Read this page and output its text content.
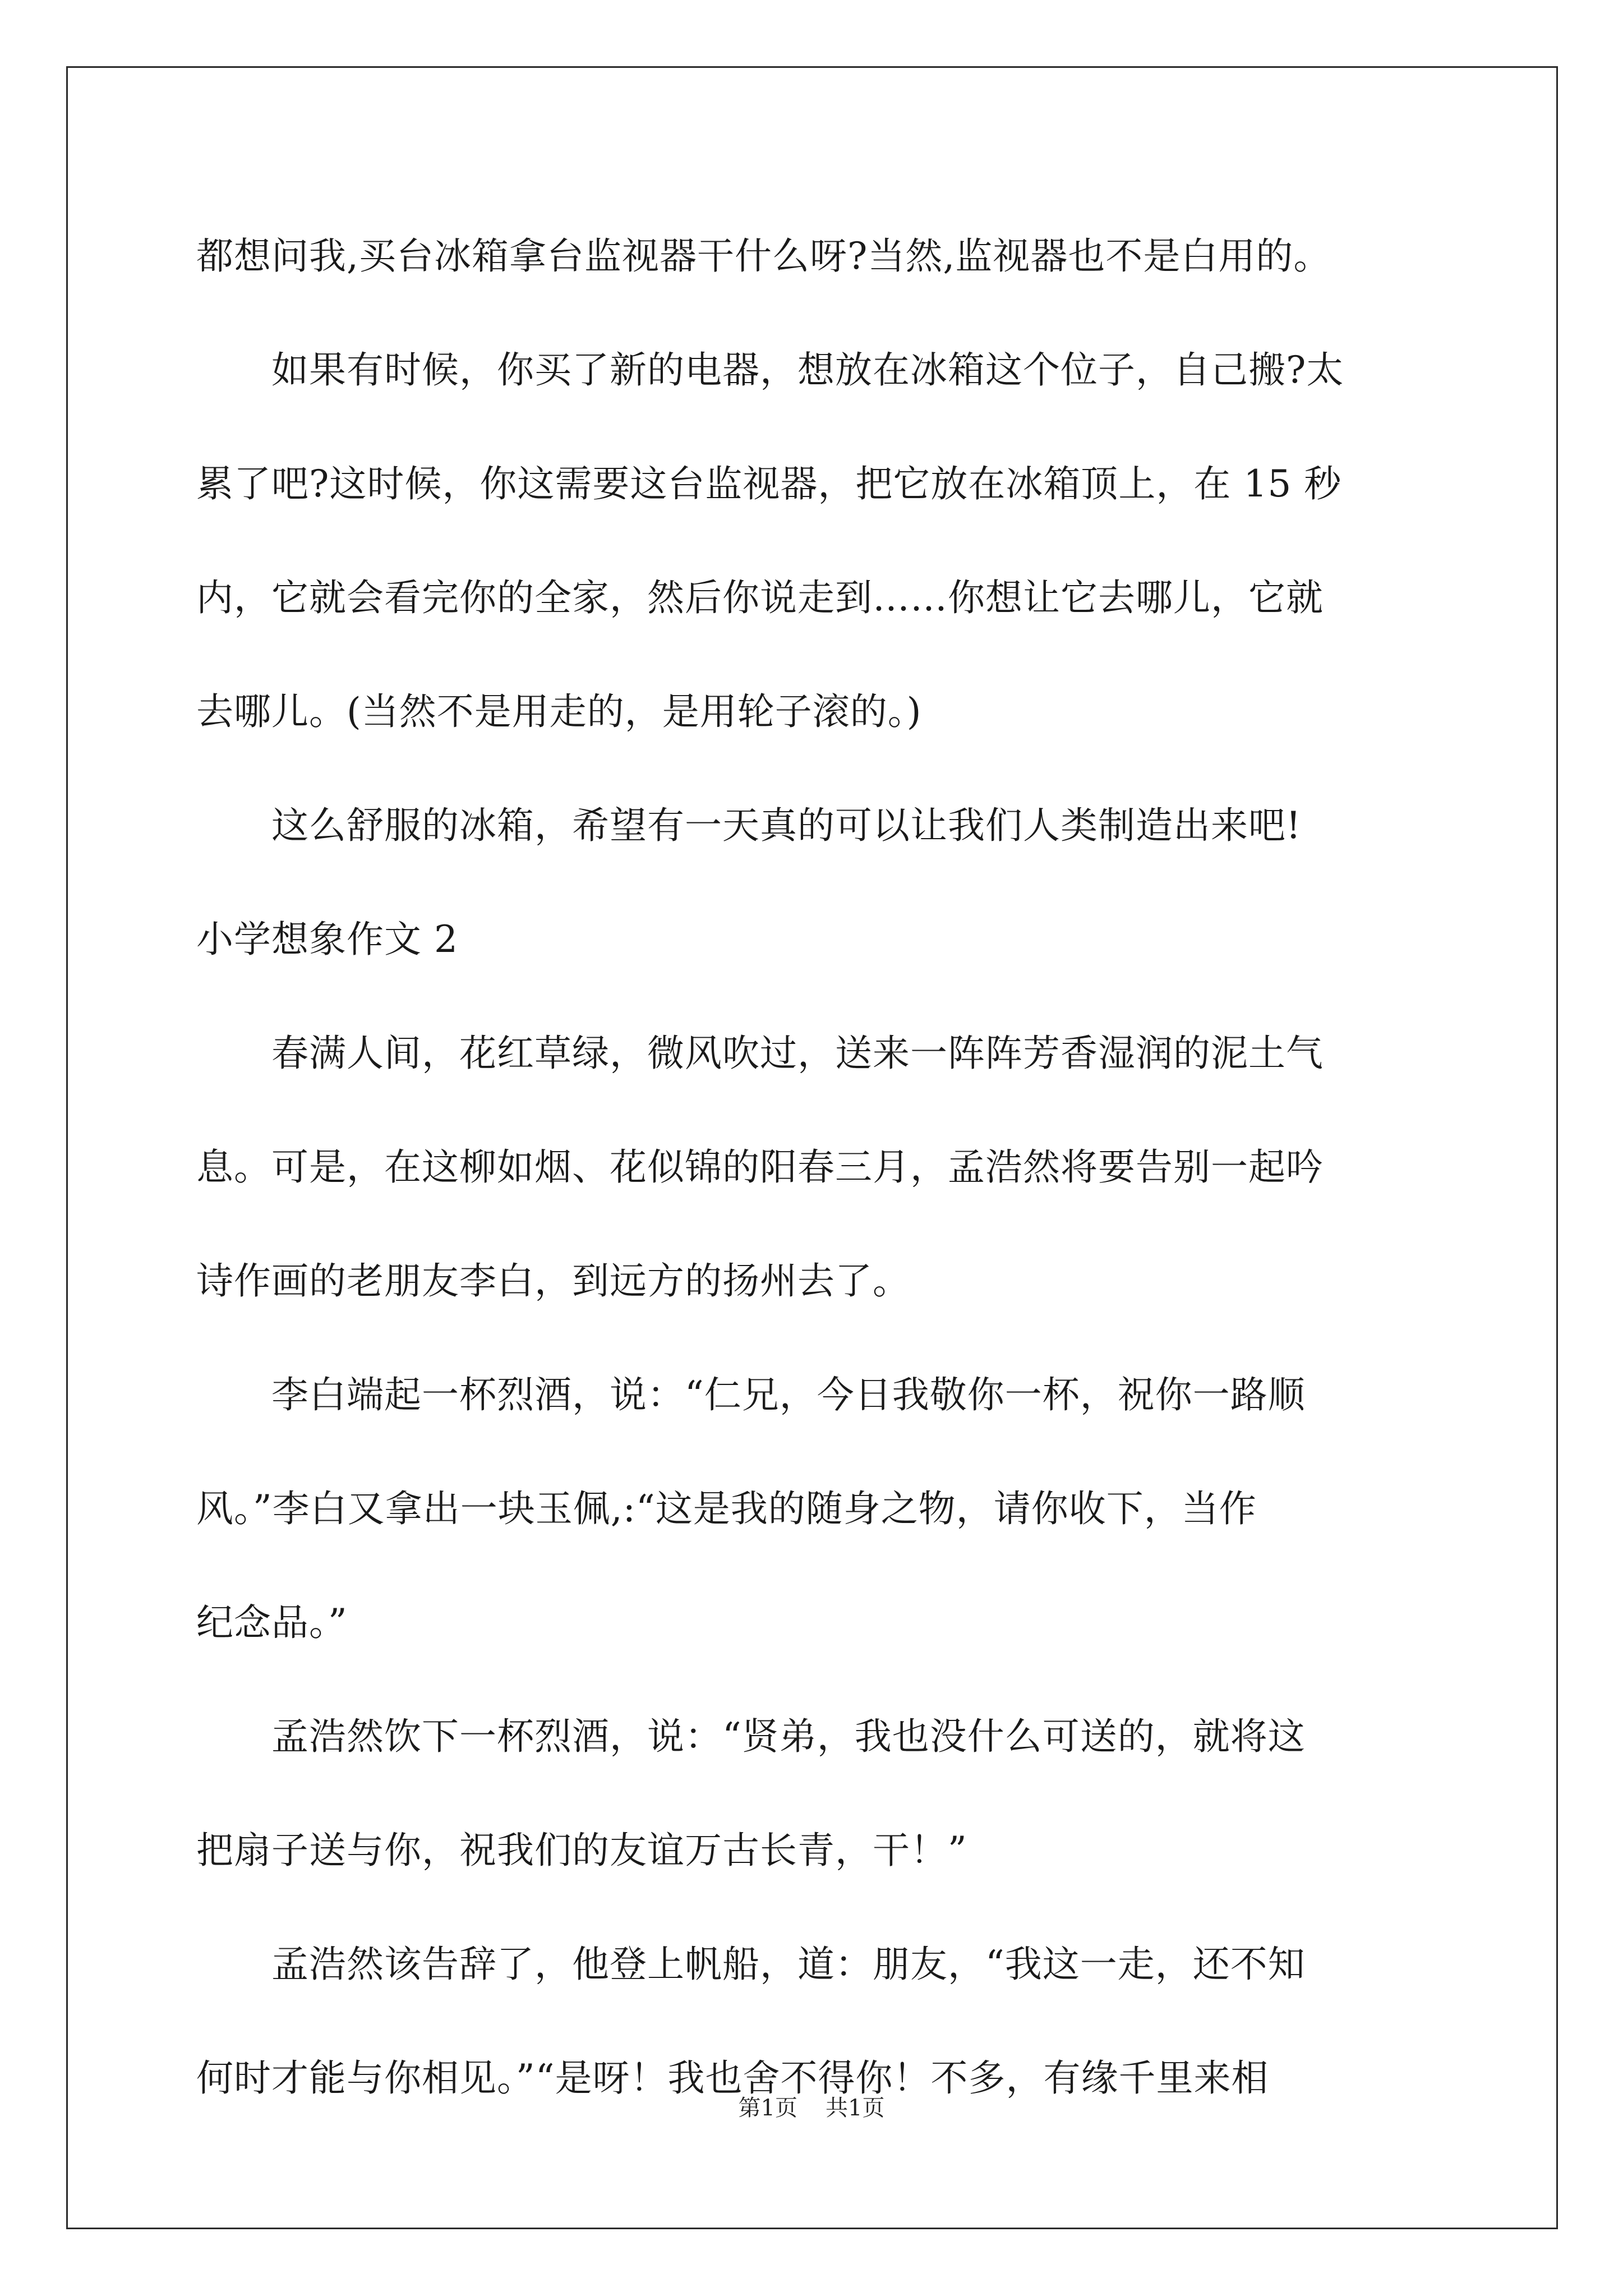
都想问我,买台冰箱拿台监视器干什么呀?当然,监视器也不是白用的。

　　如果有时候，你买了新的电器，想放在冰箱这个位子，自己搬?太

累了吧?这时候，你这需要这台监视器，把它放在冰箱顶上，在 15 秒

内，它就会看完你的全家，然后你说走到……你想让它去哪儿，它就

去哪儿。(当然不是用走的，是用轮子滚的。)

　　这么舒服的冰箱，希望有一天真的可以让我们人类制造出来吧!

小学想象作文 2

　　春满人间，花红草绿，微风吹过，送来一阵阵芳香湿润的泥土气

息。可是，在这柳如烟、花似锦的阳春三月，孟浩然将要告别一起吟

诗作画的老朋友李白，到远方的扬州去了。

　　李白端起一杯烈酒，说：“仁兄，今日我敬你一杯，祝你一路顺

风。”李白又拿出一块玉佩,:“这是我的随身之物，请你收下，当作

纪念品。”

　　孟浩然饮下一杯烈酒，说：“贤弟，我也没什么可送的，就将这

把扇子送与你，祝我们的友谊万古长青，干！”

　　孟浩然该告辞了，他登上帆船，道：朋友，“我这一走，还不知

何时才能与你相见。”“是呀！我也舍不得你！不多，有缘千里来相

第1页 共1页
